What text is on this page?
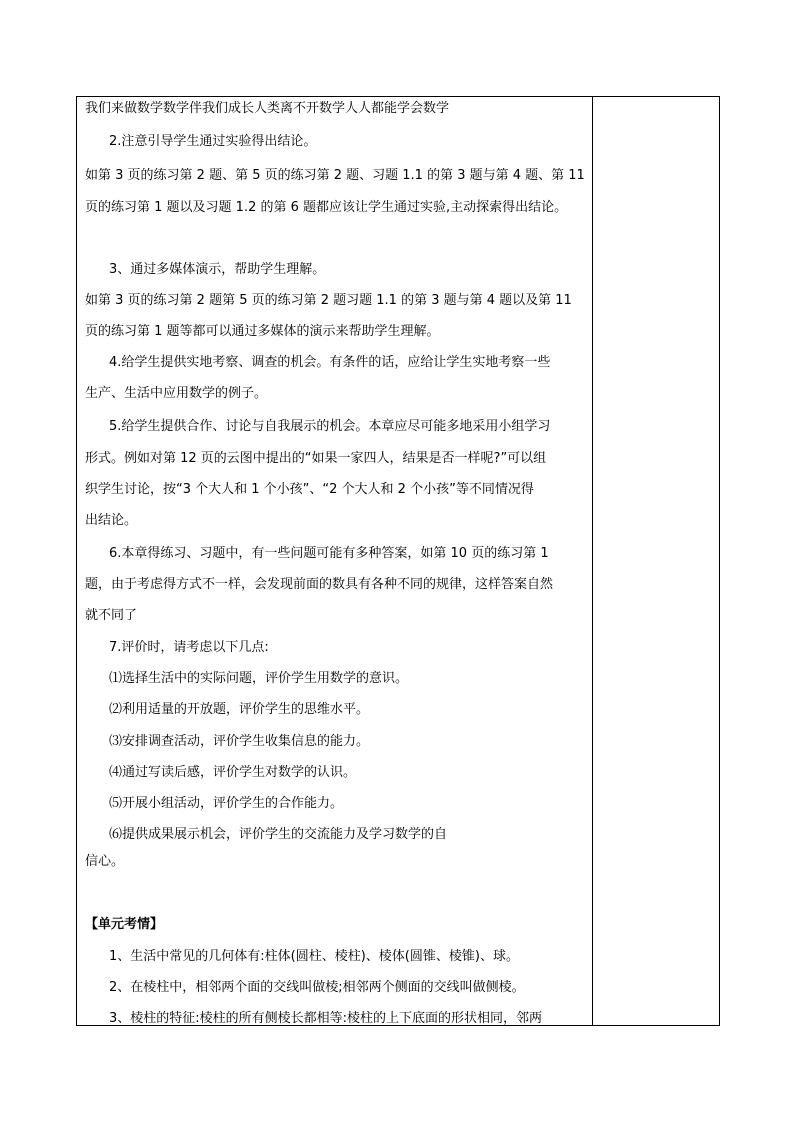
我们来做数学数学伴我们成长人类离不开数学人人都能学会数学
2.注意引导学生通过实验得出结论。
如第 3 页的练习第 2 题、第 5 页的练习第 2 题、习题 1.1 的第 3 题与第 4 题、第 11
页的练习第 1 题以及习题 1.2 的第 6 题都应该让学生通过实验,主动探索得出结论。
3、通过多媒体演示，帮助学生理解。
如第 3 页的练习第 2 题第 5 页的练习第 2 题习题 1.1 的第 3 题与第 4 题以及第 11
页的练习第 1 题等都可以通过多媒体的演示来帮助学生理解。
4.给学生提供实地考察、调查的机会。有条件的话，应给让学生实地考察一些
生产、生活中应用数学的例子。
5.给学生提供合作、讨论与自我展示的机会。本章应尽可能多地采用小组学习
形式。例如对第 12 页的云图中提出的“如果一家四人，结果是否一样呢?”可以组
织学生讨论，按“3 个大人和 1 个小孩”、“2 个大人和 2 个小孩”等不同情况得
出结论。
6.本章得练习、习题中，有一些问题可能有多种答案，如第 10 页的练习第 1
题，由于考虑得方式不一样，会发现前面的数具有各种不同的规律，这样答案自然
就不同了
7.评价时，请考虑以下几点:
⑴选择生活中的实际问题，评价学生用数学的意识。
⑵利用适量的开放题，评价学生的思维水平。
⑶安排调查活动，评价学生收集信息的能力。
⑷通过写读后感，评价学生对数学的认识。
⑸开展小组活动，评价学生的合作能力。
⑹提供成果展示机会，评价学生的交流能力及学习数学的自
信心。
【单元考情】
1、生活中常见的几何体有:柱体(圆柱、棱柱)、棱体(圆锥、棱锥)、球。
2、在棱柱中，相邻两个面的交线叫做棱;相邻两个侧面的交线叫做侧棱。
3、棱柱的特征:棱柱的所有侧棱长都相等:棱柱的上下底面的形状相同，邻两
